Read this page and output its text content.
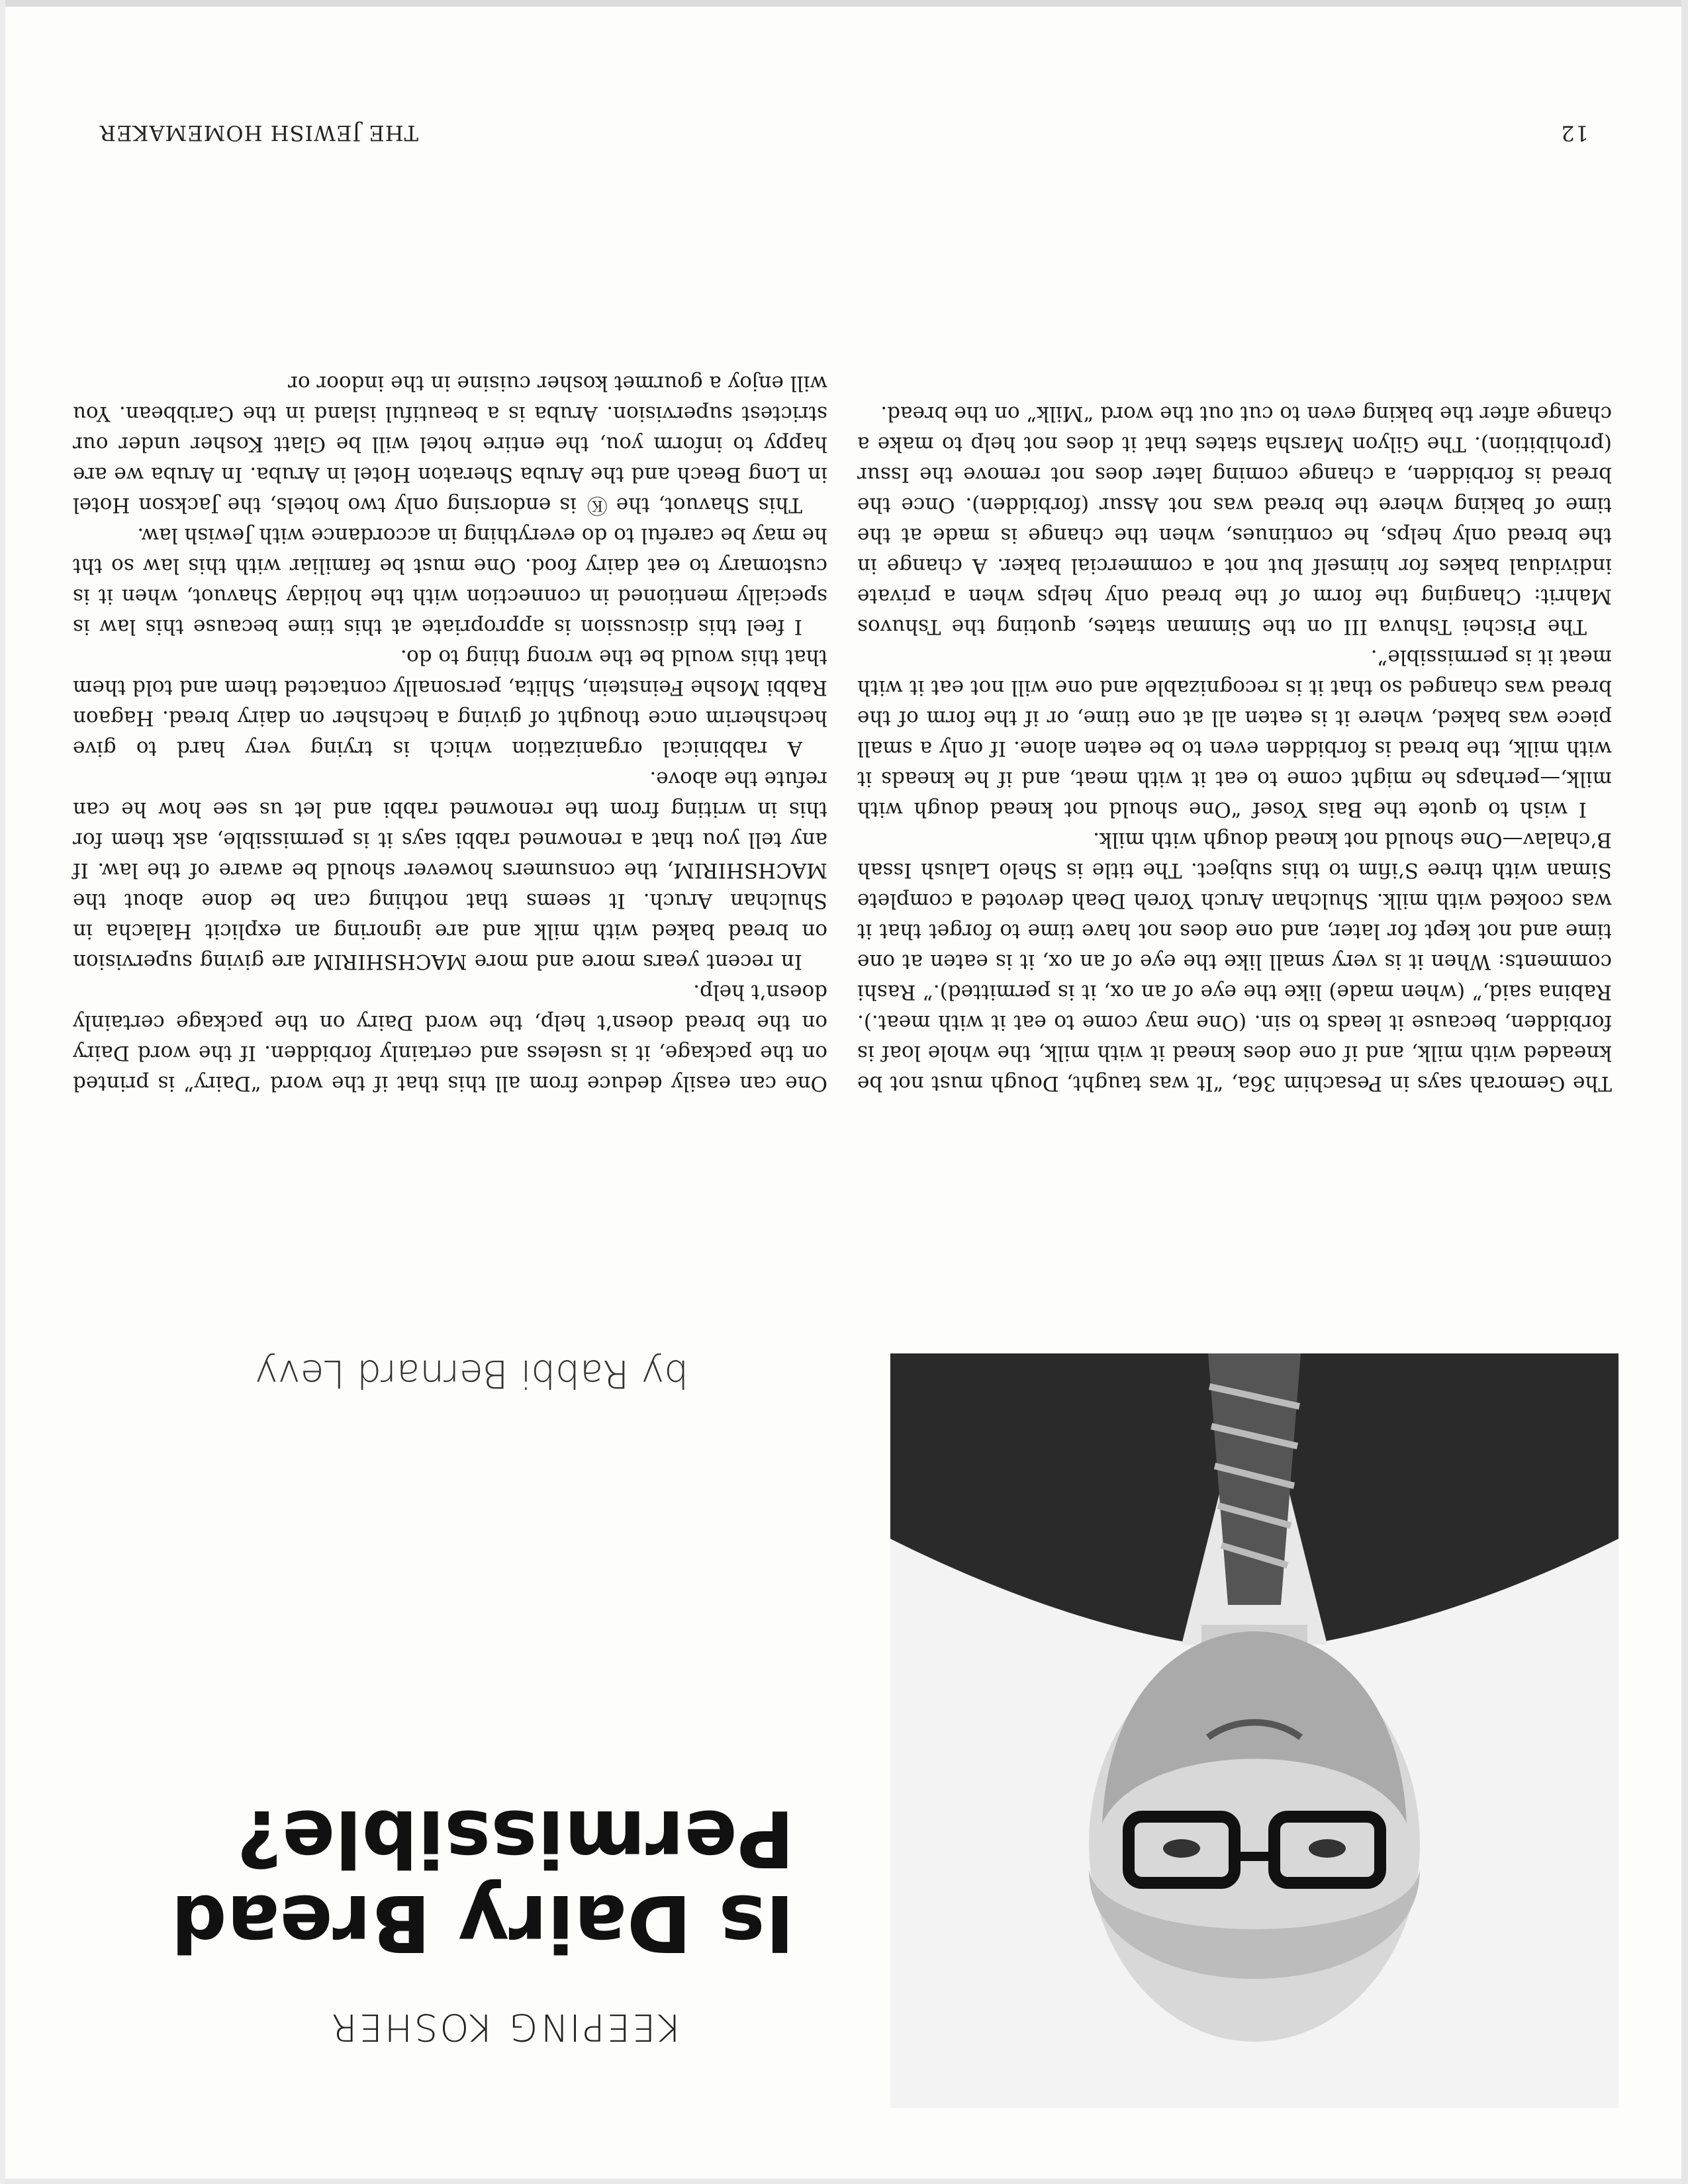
KEEPING KOSHER
Is Dairy Bread Permissible?
by Rabbi Bernard Levy

The Gemorah says in Pesachim 36a, “It was taught, Dough must not be kneaded with milk, and if one does knead it with milk, the whole loaf is forbidden, because it leads to sin. (One may come to eat it with meat.). Rabina said,” (when made) like the eye of an ox, it is permitted).” Rashi comments: When it is very small like the eye of an ox, it is eaten at one time and not kept for later, and one does not have time to forget that it was cooked with milk. Shulchan Aruch Yoreh Deah devoted a complete Siman with three S’ifim to this subject. The title is Shelo Lalush Issah B’chalav—One should not knead dough with milk.

I wish to quote the Bais Yosef “One should not knead dough with milk,—perhaps he might come to eat it with meat, and if he kneads it with milk, the bread is forbidden even to be eaten alone. If only a small piece was baked, where it is eaten all at one time, or if the form of the bread was changed so that it is recognizable and one will not eat it with meat it is permissible”.

The Pischei Tshuva III on the Simman states, quoting the Tshuvos Mahrit: Changing the form of the bread only helps when a private individual bakes for himself but not a commercial baker. A change in the bread only helps, he continues, when the change is made at the time of baking where the bread was not Assur (forbidden). Once the bread is forbidden, a change coming later does not remove the Issur (prohibition). The Gilyon Marsha states that it does not help to make a change after the baking even to cut out the word “Milk” on the bread.

One can easily deduce from all this that if the word “Dairy” is printed on the package, it is useless and certainly forbidden. If the word Dairy on the bread doesn’t help, the word Dairy on the package certainly doesn’t help.

In recent years more and more MACHSHIRIM are giving supervision on bread baked with milk and are ignoring an explicit Halacha in Shulchan Aruch. It seems that nothing can be done about the MACHSHIRIM, the consumers however should be aware of the law. If any tell you that a renowned rabbi says it is permissible, ask them for this in writing from the renowned rabbi and let us see how he can refute the above.

A rabbinical organization which is trying very hard to give hechsherim once thought of giving a hechsher on dairy bread. Hagaon Rabbi Moshe Feinstein, Shlita, personally contacted them and told them that this would be the wrong thing to do.

I feel this discussion is appropriate at this time because this law is specially mentioned in connection with the holiday Shavuot, when it is customary to eat dairy food. One must be familiar with this law so tht he may be careful to do everything in accordance with Jewish law.

This Shavuot, the Ⓚ is endorsing only two hotels, the Jackson Hotel in Long Beach and the Aruba Sheraton Hotel in Aruba. In Aruba we are happy to inform you, the entire hotel will be Glatt Kosher under our strictest supervision. Aruba is a beautiful island in the Caribbean. You will enjoy a gourmet kosher cuisine in the indoor or

12
THE JEWISH HOMEMAKER
